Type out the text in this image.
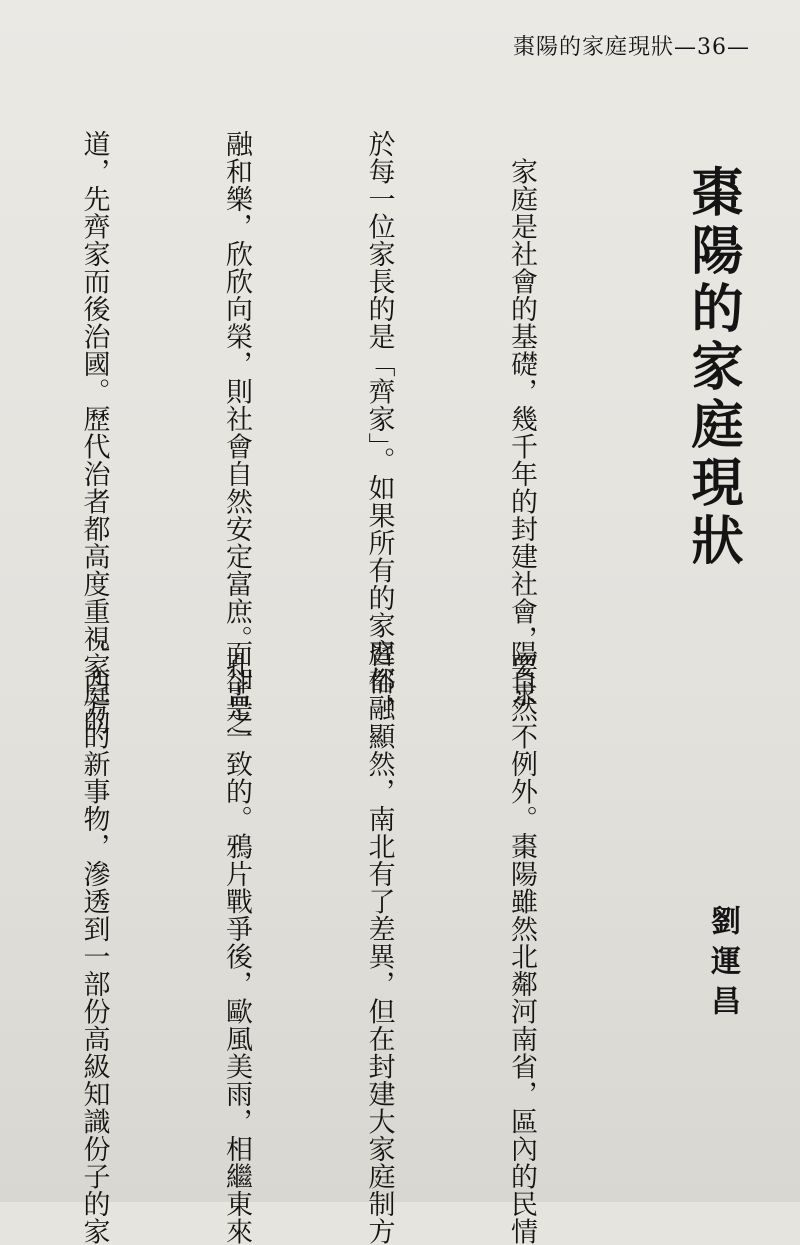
棗陽的家庭現狀—36—
棗陽的家庭現狀
劉運昌

　家庭是社會的基礎，幾千年的封建社會，要求

於每一位家長的是「齊家」。如果所有的家庭都融

融和樂，欣欣向榮，則社會自然安定富庶。孔孟之

道，先齊家而後治國。歷代治者都高度重視家庭的

陽自然不例外。棗陽雖然北鄰河南省，區內的民情

習俗，顯然，南北有了差異，但在封建大家庭制方

面卻是一致的。鴉片戰爭後，歐風美雨，相繼東來

。西方的新事物，滲透到一部份高級知識份子的家
